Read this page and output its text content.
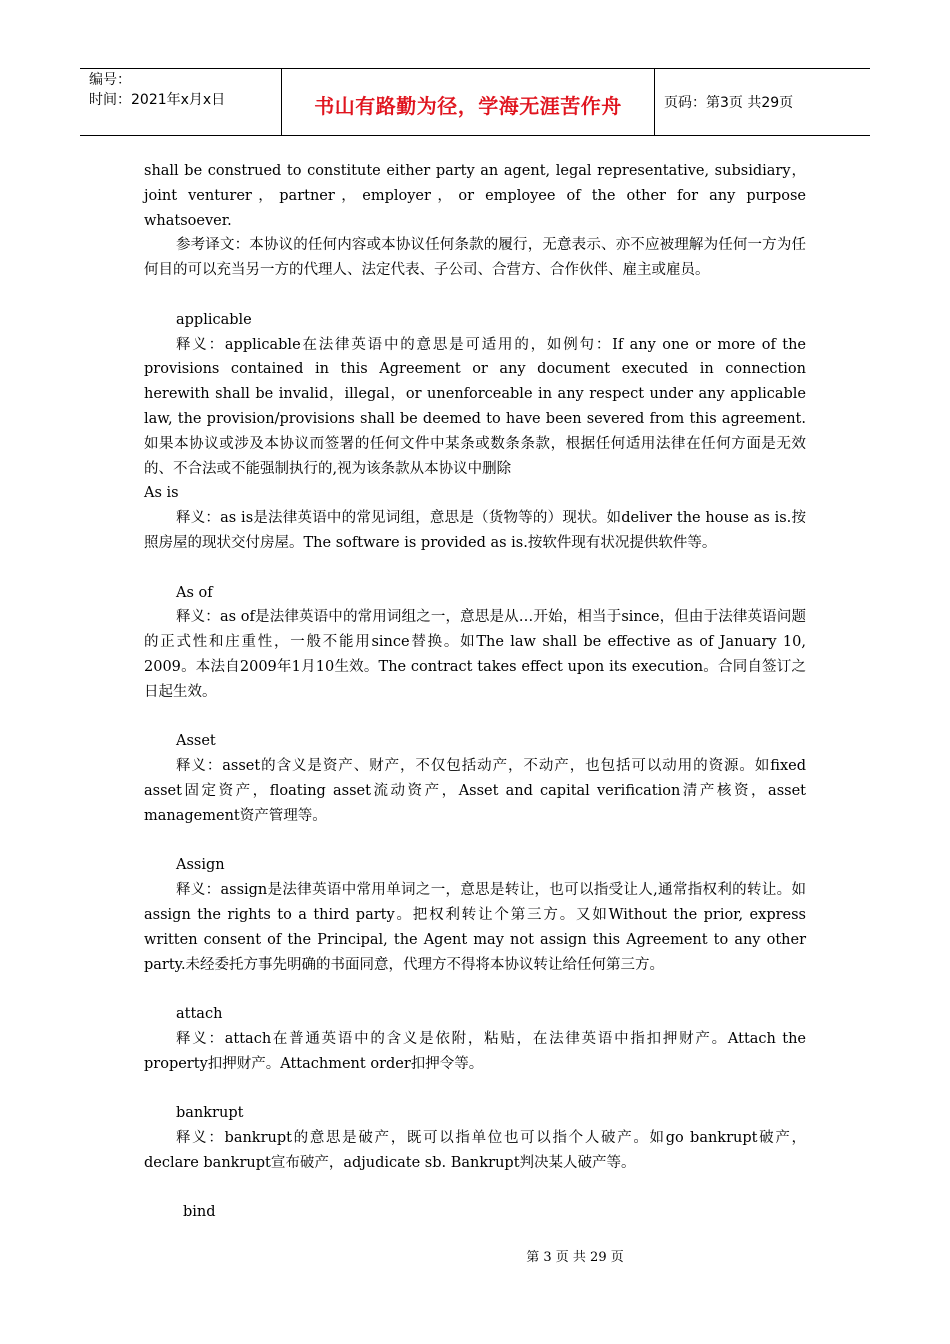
编号：
时间：2021年x月x日	书山有路勤为径，学海无涯苦作舟	页码：第3页 共29页

shall be construed to constitute either party an agent, legal representative, subsidiary， joint venturer，partner，employer，or employee of the other for any purpose whatsoever.

参考译文：本协议的任何内容或本协议任何条款的履行，无意表示、亦不应被理解为任何一方为任何目的可以充当另一方的代理人、法定代表、子公司、合营方、合作伙伴、雇主或雇员。

applicable

释义：applicable在法律英语中的意思是可适用的，如例句：If any one or more of the provisions contained in this Agreement or any document executed in connection herewith shall be invalid，illegal，or unenforceable in any respect under any applicable law, the provision/provisions shall be deemed to have been severed from this agreement.如果本协议或涉及本协议而签署的任何文件中某条或数条条款，根据任何适用法律在任何方面是无效的、不合法或不能强制执行的,视为该条款从本协议中删除

As is

释义：as is是法律英语中的常见词组，意思是（货物等的）现状。如deliver the house as is.按照房屋的现状交付房屋。The software is provided as is.按软件现有状况提供软件等。

As of

释义：as of是法律英语中的常用词组之一，意思是从…开始，相当于since，但由于法律英语问题的正式性和庄重性，一般不能用since替换。如The law shall be effective as of January 10, 2009。本法自2009年1月10生效。The contract takes effect upon its execution。合同自签订之日起生效。

Asset

释义：asset的含义是资产、财产，不仅包括动产，不动产，也包括可以动用的资源。如fixed asset固定资产，floating asset流动资产，Asset and capital verification清产核资，asset management资产管理等。

Assign

释义：assign是法律英语中常用单词之一，意思是转让，也可以指受让人,通常指权利的转让。如assign the rights to a third party。把权利转让个第三方。又如Without the prior, express written consent of the Principal, the Agent may not assign this Agreement to any other party.未经委托方事先明确的书面同意，代理方不得将本协议转让给任何第三方。

attach

释义：attach在普通英语中的含义是依附，粘贴，在法律英语中指扣押财产。Attach the property扣押财产。Attachment order扣押令等。

bankrupt

释义：bankrupt的意思是破产，既可以指单位也可以指个人破产。如go bankrupt破产，declare bankrupt宣布破产，adjudicate sb. Bankrupt判决某人破产等。

bind

第 3 页 共 29 页
